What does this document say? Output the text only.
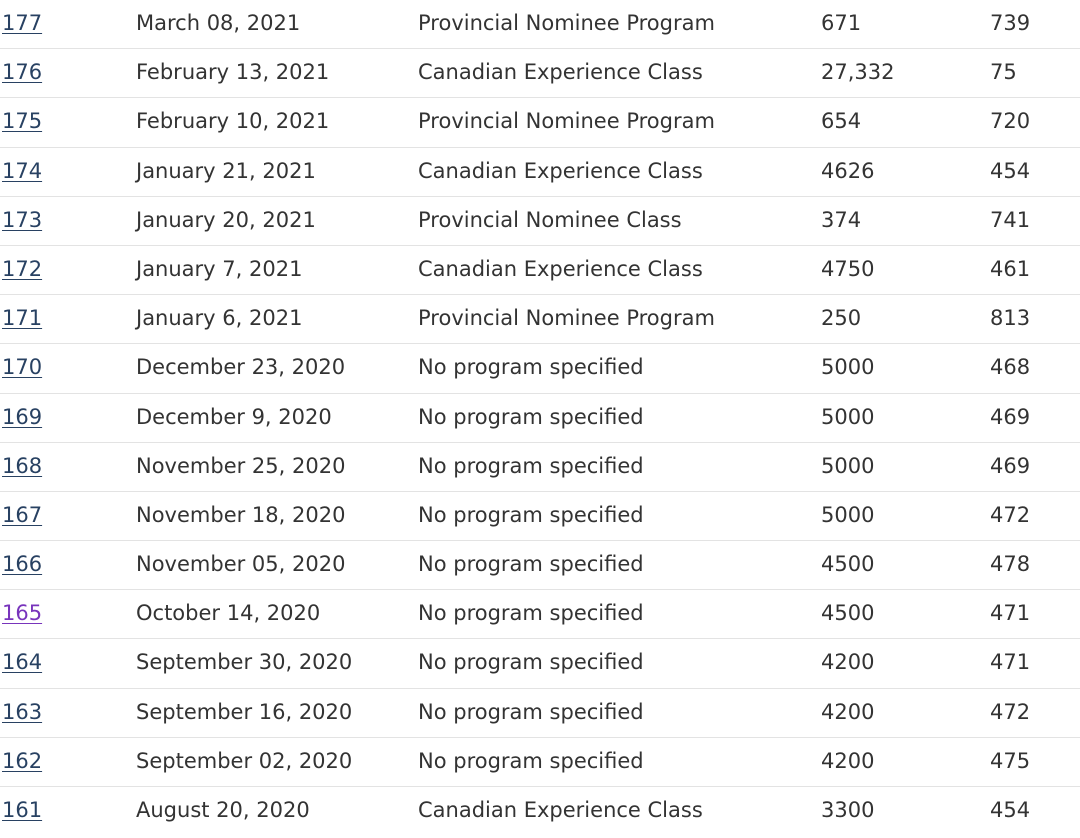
177	March 08, 2021	Provincial Nominee Program	671	739
176	February 13, 2021	Canadian Experience Class	27,332	75
175	February 10, 2021	Provincial Nominee Program	654	720
174	January 21, 2021	Canadian Experience Class	4626	454
173	January 20, 2021	Provincial Nominee Class	374	741
172	January 7, 2021	Canadian Experience Class	4750	461
171	January 6, 2021	Provincial Nominee Program	250	813
170	December 23, 2020	No program specified	5000	468
169	December 9, 2020	No program specified	5000	469
168	November 25, 2020	No program specified	5000	469
167	November 18, 2020	No program specified	5000	472
166	November 05, 2020	No program specified	4500	478
165	October 14, 2020	No program specified	4500	471
164	September 30, 2020	No program specified	4200	471
163	September 16, 2020	No program specified	4200	472
162	September 02, 2020	No program specified	4200	475
161	August 20, 2020	Canadian Experience Class	3300	454
